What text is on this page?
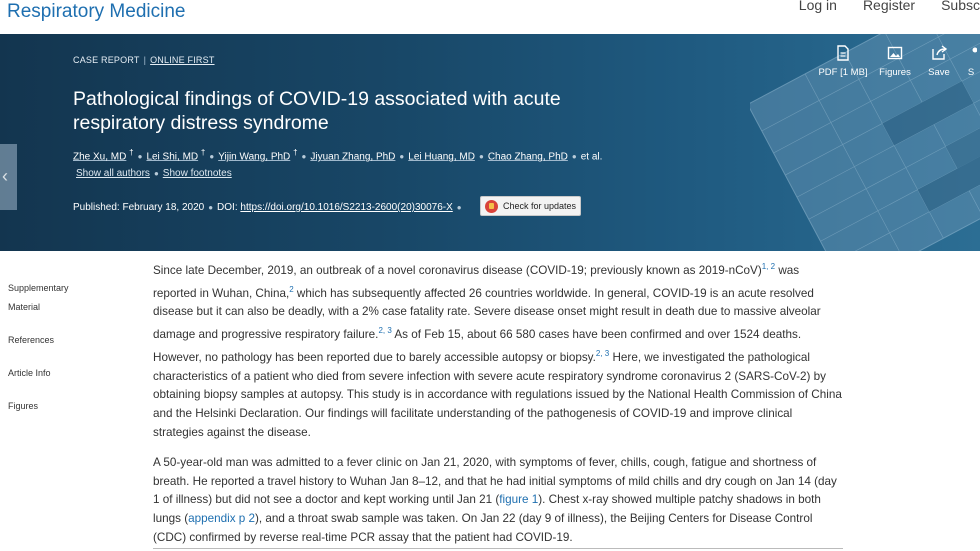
Respiratory Medicine	Log in Register Subsc
‹
CASE REPORT | ONLINE FIRST
Pathological findings of COVID-19 associated with acute respiratory distress syndrome
Zhe Xu, MD † ● Lei Shi, MD † ● Yijin Wang, PhD † ● Jiyuan Zhang, PhD ● Lei Huang, MD ● Chao Zhang, PhD ● et al.
Show all authors ● Show footnotes
Published: February 18, 2020 ● DOI: https://doi.org/10.1016/S2213-2600(20)30076-X ●	Check for updates
PDF [1 MB] Figures Save S
Supplementary
Material
References
Article Info
Figures

Since late December, 2019, an outbreak of a novel coronavirus disease (COVID-19; previously known as 2019-nCoV)$^{1, 2}$ was reported in Wuhan, China,$^2$ which has subsequently affected 26 countries worldwide. In general, COVID-19 is an acute resolved disease but it can also be deadly, with a 2% case fatality rate. Severe disease onset might result in death due to massive alveolar damage and progressive respiratory failure.$^{2, 3}$ As of Feb 15, about 66 580 cases have been confirmed and over 1524 deaths. However, no pathology has been reported due to barely accessible autopsy or biopsy.$^{2, 3}$ Here, we investigated the pathological characteristics of a patient who died from severe infection with severe acute respiratory syndrome coronavirus 2 (SARS-CoV-2) by obtaining biopsy samples at autopsy. This study is in accordance with regulations issued by the National Health Commission of China and the Helsinki Declaration. Our findings will facilitate understanding of the pathogenesis of COVID-19 and improve clinical strategies against the disease.

A 50-year-old man was admitted to a fever clinic on Jan 21, 2020, with symptoms of fever, chills, cough, fatigue and shortness of breath. He reported a travel history to Wuhan Jan 8–12, and that he had initial symptoms of mild chills and dry cough on Jan 14 (day 1 of illness) but did not see a doctor and kept working until Jan 21 (figure 1). Chest x-ray showed multiple patchy shadows in both lungs (appendix p 2), and a throat swab sample was taken. On Jan 22 (day 9 of illness), the Beijing Centers for Disease Control (CDC) confirmed by reverse real-time PCR assay that the patient had COVID-19.
